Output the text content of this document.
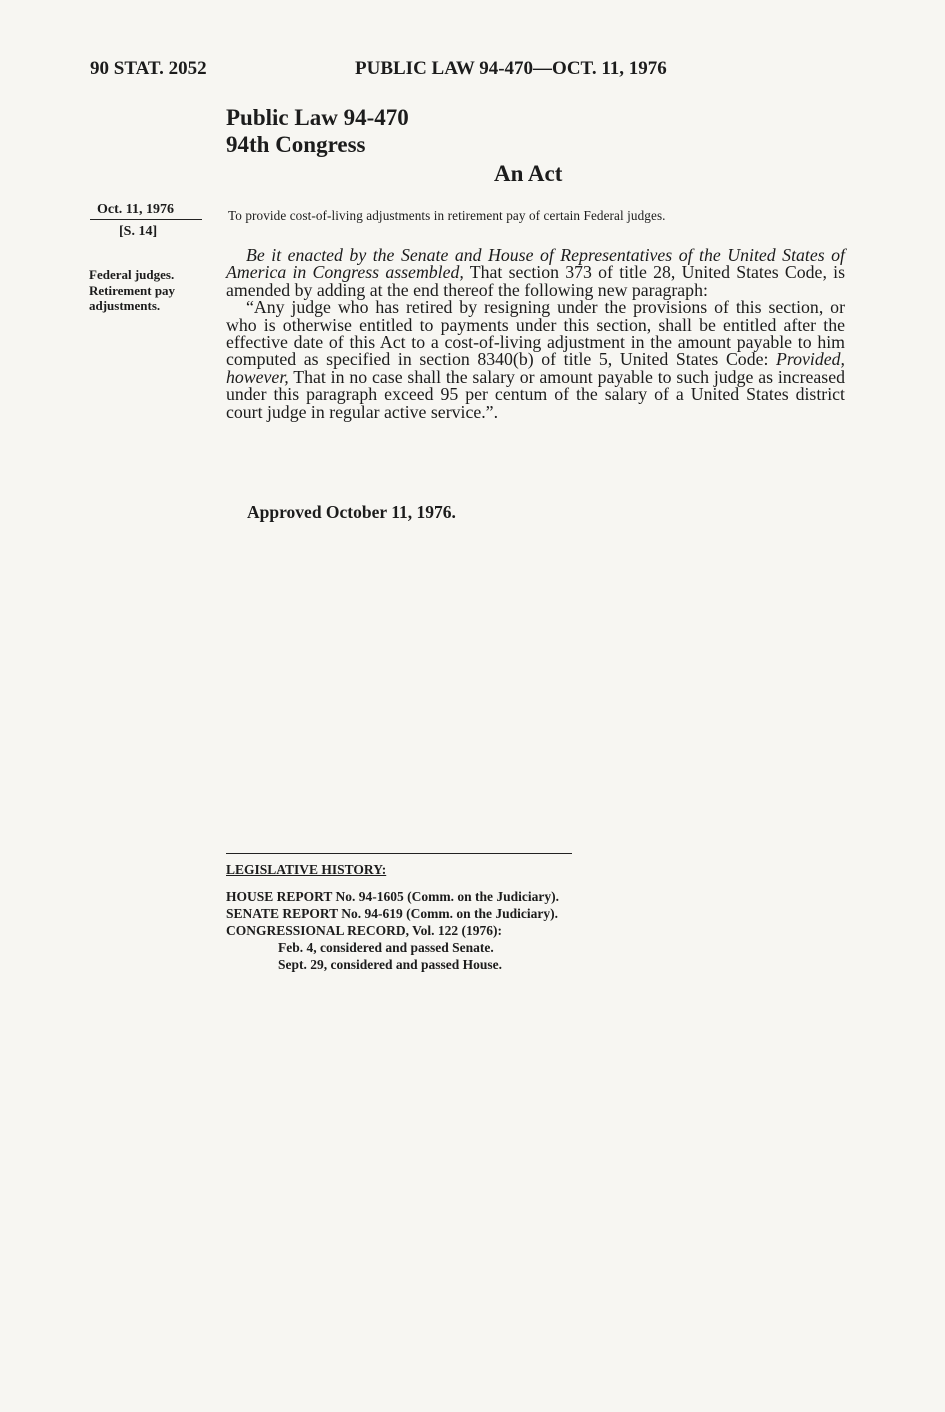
90 STAT. 2052	PUBLIC LAW 94-470—OCT. 11, 1976
Public Law 94-470
94th Congress
An Act
Oct. 11, 1976
[S. 14]
Federal judges.
Retirement pay
adjustments.
To provide cost-of-living adjustments in retirement pay of certain Federal judges.

Be it enacted by the Senate and House of Representatives of the United States of America in Congress assembled, That section 373 of title 28, United States Code, is amended by adding at the end thereof the following new paragraph:

“Any judge who has retired by resigning under the provisions of this section, or who is otherwise entitled to payments under this section, shall be entitled after the effective date of this Act to a cost-of-living adjustment in the amount payable to him computed as specified in section 8340(b) of title 5, United States Code: Provided, however, That in no case shall the salary or amount payable to such judge as increased under this paragraph exceed 95 per centum of the salary of a United States district court judge in regular active service.”.

Approved October 11, 1976.
LEGISLATIVE HISTORY:
HOUSE REPORT No. 94-1605 (Comm. on the Judiciary).
SENATE REPORT No. 94-619 (Comm. on the Judiciary).
CONGRESSIONAL RECORD, Vol. 122 (1976):
Feb. 4, considered and passed Senate.
Sept. 29, considered and passed House.
